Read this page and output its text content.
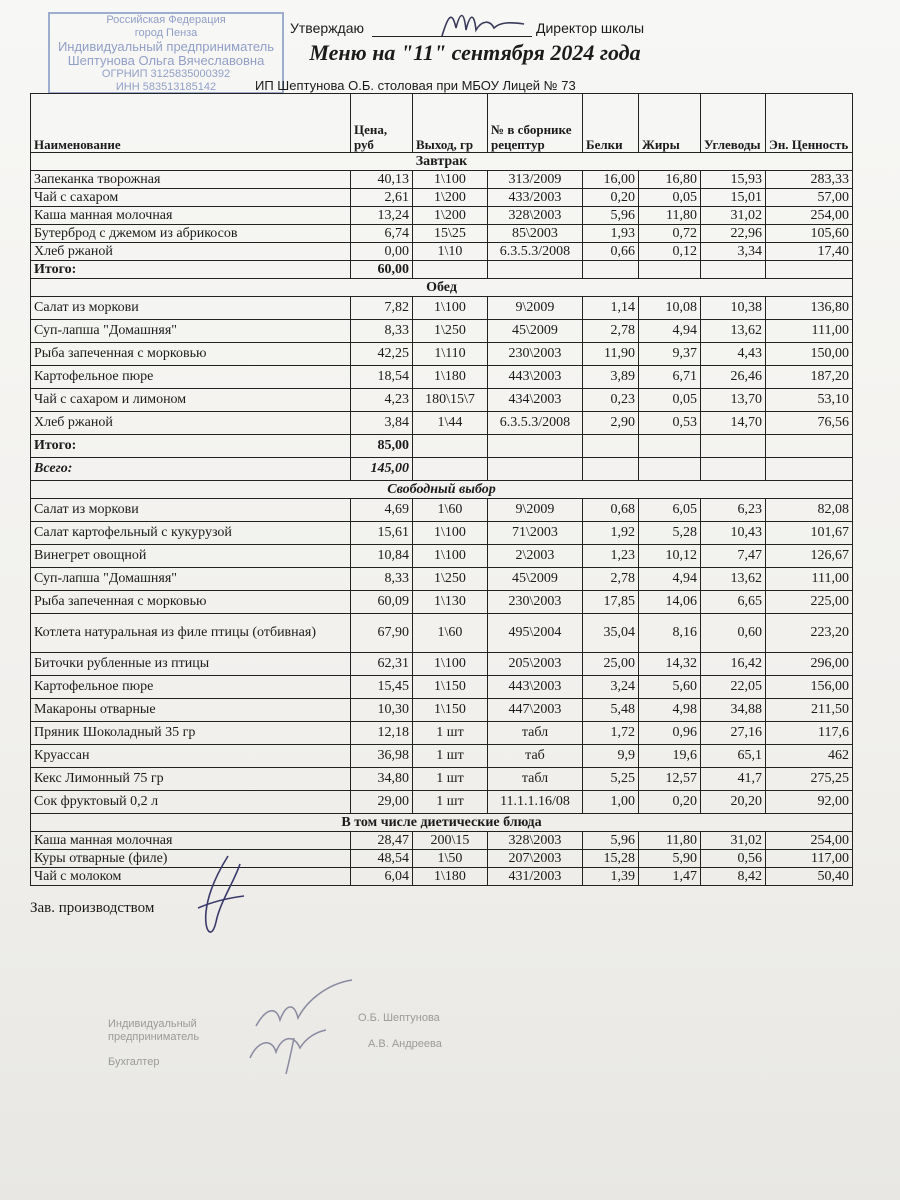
Российская Федерация
город Пенза
Индивидуальный предприниматель
Шептунова Ольга Вячеславовна
ОГРНИП 3125835000392
ИНН 583513185142
Утверждаю	Директор школы
Меню на "11" сентября 2024 года
ИП Шептунова О.Б. столовая при МБОУ Лицей № 73
Наименование	Цена, руб	Выход, гр	№ в сборнике рецептур	Белки	Жиры	Углеводы	Эн. Ценность
Завтрак							
Запеканка творожная	40,13	1\100	313/2009	16,00	16,80	15,93	283,33
Чай с сахаром	2,61	1\200	433/2003	0,20	0,05	15,01	57,00
Каша манная молочная	13,24	1\200	328\2003	5,96	11,80	31,02	254,00
Бутерброд с джемом из абрикосов	6,74	15\25	85\2003	1,93	0,72	22,96	105,60
Хлеб ржаной	0,00	1\10	6.3.5.3/2008	0,66	0,12	3,34	17,40
Итого:	60,00						
Обед							
Салат из моркови	7,82	1\100	9\2009	1,14	10,08	10,38	136,80
Суп-лапша "Домашняя"	8,33	1\250	45\2009	2,78	4,94	13,62	111,00
Рыба запеченная с морковью	42,25	1\110	230\2003	11,90	9,37	4,43	150,00
Картофельное пюре	18,54	1\180	443\2003	3,89	6,71	26,46	187,20
Чай с сахаром и лимоном	4,23	180\15\7	434\2003	0,23	0,05	13,70	53,10
Хлеб ржаной	3,84	1\44	6.3.5.3/2008	2,90	0,53	14,70	76,56
Итого:	85,00						
Всего:	145,00						
Свободный выбор							
Салат из моркови	4,69	1\60	9\2009	0,68	6,05	6,23	82,08
Салат картофельный с кукурузой	15,61	1\100	71\2003	1,92	5,28	10,43	101,67
Винегрет овощной	10,84	1\100	2\2003	1,23	10,12	7,47	126,67
Суп-лапша "Домашняя"	8,33	1\250	45\2009	2,78	4,94	13,62	111,00
Рыба запеченная с морковью	60,09	1\130	230\2003	17,85	14,06	6,65	225,00
Котлета натуральная из филе птицы (отбивная)	67,90	1\60	495\2004	35,04	8,16	0,60	223,20
Биточки рубленные из птицы	62,31	1\100	205\2003	25,00	14,32	16,42	296,00
Картофельное пюре	15,45	1\150	443\2003	3,24	5,60	22,05	156,00
Макароны отварные	10,30	1\150	447\2003	5,48	4,98	34,88	211,50
Пряник Шоколадный 35 гр	12,18	1 шт	табл	1,72	0,96	27,16	117,6
Круассан	36,98	1 шт	таб	9,9	19,6	65,1	462
Кекс Лимонный 75 гр	34,80	1 шт	табл	5,25	12,57	41,7	275,25
Сок фруктовый 0,2 л	29,00	1 шт	11.1.1.16/08	1,00	0,20	20,20	92,00
В том числе диетические блюда							
Каша манная молочная	28,47	200\15	328\2003	5,96	11,80	31,02	254,00
Куры отварные (филе)	48,54	1\50	207\2003	15,28	5,90	0,56	117,00
Чай с молоком	6,04	1\180	431/2003	1,39	1,47	8,42	50,40
Зав. производством
Индивидуальный
предприниматель
Бухгалтер
О.Б. Шептунова
А.В. Андреева
